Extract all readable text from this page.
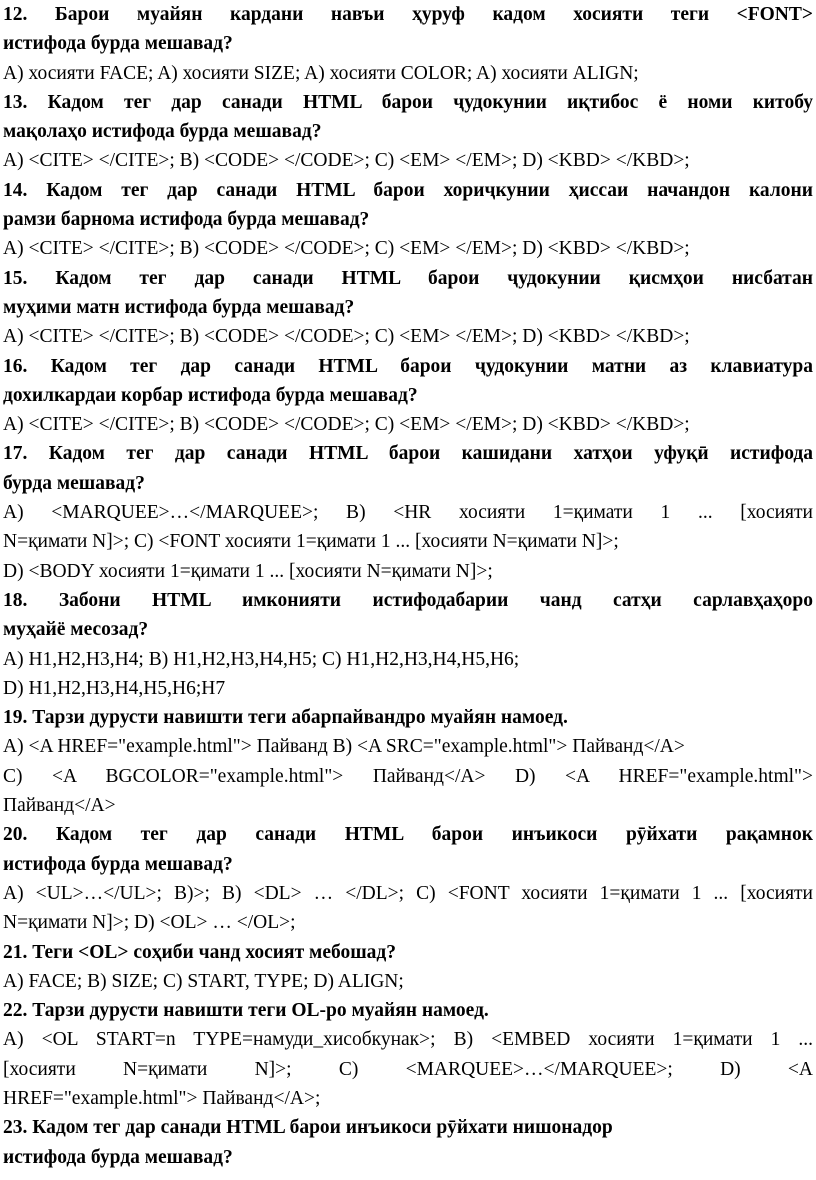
12. Барои муайян кардани навъи ҳуруф кадом хосияти теги <FONT>
истифода бурда мешавад?
A) хосияти FACE; A) хосияти SIZE; A) хосияти COLOR; A) хосияти ALIGN;
13. Кадом тег дар санади HTML барои ҷудокунии иқтибос ё номи китобу
мақолаҳо истифода бурда мешавад?
A) <CITE> </CITE>; B) <CODE> </CODE>; C) <EM> </EM>; D) <KBD> </KBD>;
14. Кадом тег дар санади HTML барои хориҷкунии ҳиссаи начандон калони
рамзи барнома истифода бурда мешавад?
A) <CITE> </CITE>; B) <CODE> </CODE>; C) <EM> </EM>; D) <KBD> </KBD>;
15. Кадом тег дар санади HTML барои ҷудокунии қисмҳои нисбатан
муҳими матн истифода бурда мешавад?
A) <CITE> </CITE>; B) <CODE> </CODE>; C) <EM> </EM>; D) <KBD> </KBD>;
16. Кадом тег дар санади HTML барои ҷудокунии матни аз клавиатура
дохилкардаи корбар истифода бурда мешавад?
A) <CITE> </CITE>; B) <CODE> </CODE>; C) <EM> </EM>; D) <KBD> </KBD>;
17. Кадом тег дар санади HTML барои кашидани хатҳои уфуқӣ истифода
бурда мешавад?
A) <MARQUEE>…</MARQUEE>; B) <HR хосияти 1=қимати 1 ... [хосияти
N=қимати N]>; C) <FONT хосияти 1=қимати 1 ... [хосияти N=қимати N]>;
D) <BODY хосияти 1=қимати 1 ... [хосияти N=қимати N]>;
18. Забони HTML имконияти истифодабарии чанд сатҳи сарлавҳаҳоро
муҳайё месозад?
A) H1,H2,H3,H4; B) H1,H2,H3,H4,H5; C) H1,H2,H3,H4,H5,H6;
D) H1,H2,H3,H4,H5,H6;H7
19. Тарзи дурусти навишти теги абарпайвандро муайян намоед.
A) <A HREF="example.html"> Пайванд B) <A SRC="example.html"> Пайванд</A>
C) <A BGCOLOR="example.html"> Пайванд</A> D) <A HREF="example.html">
Пайванд</A>
20. Кадом тег дар санади HTML барои инъикоси рӯйхати рақамнок
истифода бурда мешавад?
A) <UL>…</UL>; B)>; B) <DL> … </DL>; C) <FONT хосияти 1=қимати 1 ... [хосияти
N=қимати N]>; D) <OL> … </OL>;
21. Теги <OL> соҳиби чанд хосият мебошад?
A) FACE; B) SIZE; C) START, TYPE; D) ALIGN;
22. Тарзи дурусти навишти теги OL-ро муайян намоед.
A) <OL START=n TYPE=намуди_хисобкунак>; B) <EMBED хосияти 1=қимати 1 ...
[хосияти N=қимати N]>; C) <MARQUEE>…</MARQUEE>; D) <A
HREF="example.html"> Пайванд</A>;
23. Кадом тег дар санади HTML барои инъикоси рӯйхати нишонадор
истифода бурда мешавад?
